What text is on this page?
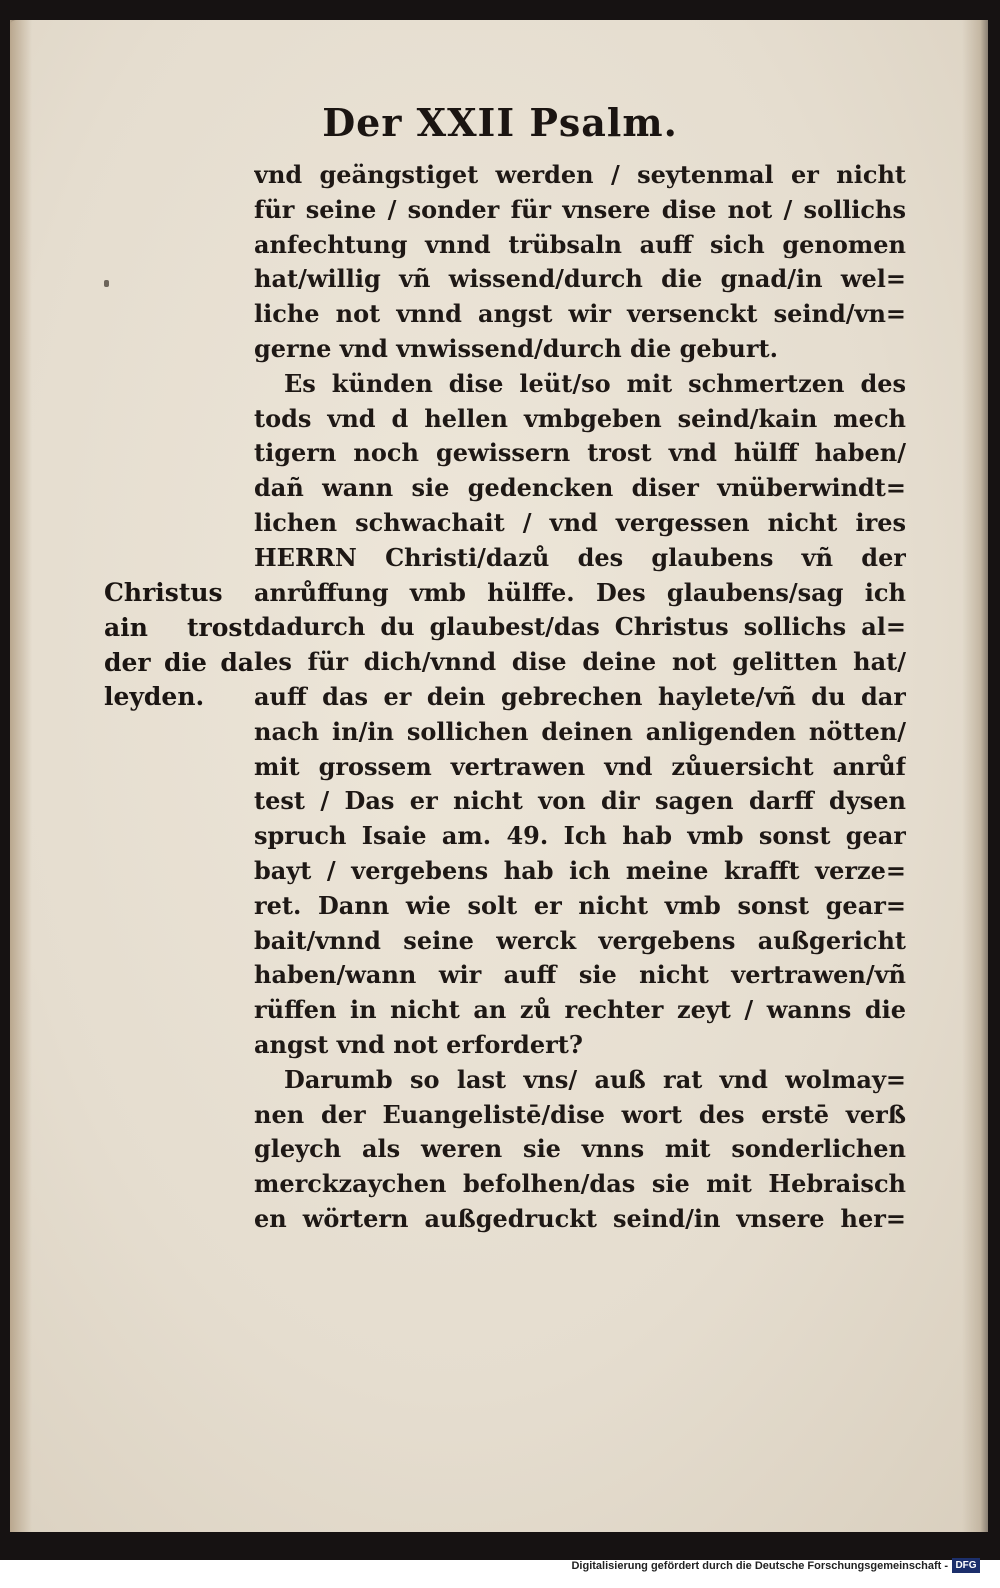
Der XXII Psalm.
vnd geängstiget werden / seytenmal er nicht
für seine / sonder für vnsere dise not / sollichs
anfechtung vnnd trübsaln auff sich genomen
hat/willig vñ wissend/durch die gnad/in wel=
liche not vnnd angst wir versenckt seind/vn=
gerne vnd vnwissend/durch die geburt.
Es künden dise leüt/so mit schmertzen des
tods vnd d hellen vmbgeben seind/kain mech
tigern noch gewissern trost vnd hülff haben/
dañ wann sie gedencken diser vnüberwindt=
lichen schwachait / vnd vergessen nicht ires
HERRN Christi/dazů des glaubens vñ der
anrůffung vmb hülffe. Des glaubens/sag ich
dadurch du glaubest/das Christus sollichs al=
les für dich/vnnd dise deine not gelitten hat/
auff das er dein gebrechen haylete/vñ du dar
nach in/in sollichen deinen anligenden nötten/
mit grossem vertrawen vnd zůuersicht anrůf
test / Das er nicht von dir sagen darff dysen
spruch Isaie am. 49. Ich hab vmb sonst gear
bayt / vergebens hab ich meine krafft verze=
ret. Dann wie solt er nicht vmb sonst gear=
bait/vnnd seine werck vergebens außgericht
haben/wann wir auff sie nicht vertrawen/vñ
rüffen in nicht an zů rechter zeyt / wanns die
angst vnd not erfordert?
Darumb so last vns/ auß rat vnd wolmay=
nen der Euangelistē/dise wort des erstē verß
gleych als weren sie vnns mit sonderlichen
merckzaychen befolhen/das sie mit Hebraisch
en wörtern außgedruckt seind/in vnsere her=
Christus
ain trost
der die da
leyden.
Digitalisierung gefördert durch die Deutsche Forschungsgemeinschaft - DFG
